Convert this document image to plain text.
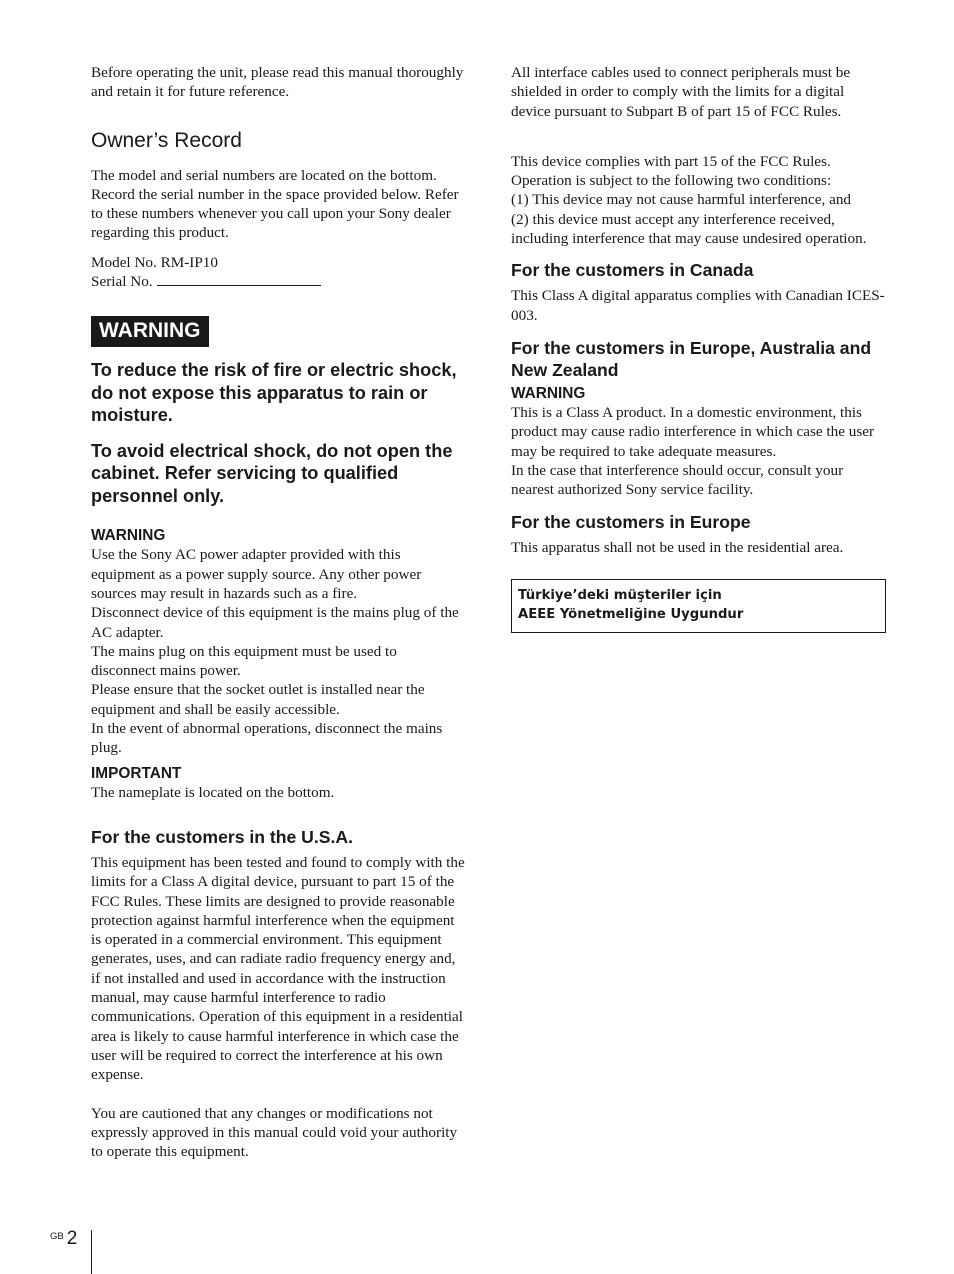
Before operating the unit, please read this manual thoroughly and retain it for future reference.

Owner’s Record

The model and serial numbers are located on the bottom. Record the serial number in the space provided below. Refer to these numbers whenever you call upon your Sony dealer regarding this product.

Model No. RM-IP10

Serial No.

WARNING

To reduce the risk of fire or electric shock, do not expose this apparatus to rain or moisture.

To avoid electrical shock, do not open the cabinet. Refer servicing to qualified personnel only.

WARNING

Use the Sony AC power adapter provided with this equipment as a power supply source. Any other power sources may result in hazards such as a fire.

Disconnect device of this equipment is the mains plug of the AC adapter.

The mains plug on this equipment must be used to disconnect mains power.

Please ensure that the socket outlet is installed near the equipment and shall be easily accessible.

In the event of abnormal operations, disconnect the mains plug.

IMPORTANT

The nameplate is located on the bottom.

For the customers in the U.S.A.

This equipment has been tested and found to comply with the limits for a Class A digital device, pursuant to part 15 of the FCC Rules. These limits are designed to provide reasonable protection against harmful interference when the equipment is operated in a commercial environment. This equipment generates, uses, and can radiate radio frequency energy and, if not installed and used in accordance with the instruction manual, may cause harmful interference to radio communications. Operation of this equipment in a residential area is likely to cause harmful interference in which case the user will be required to correct the interference at his own expense.

You are cautioned that any changes or modifications not expressly approved in this manual could void your authority to operate this equipment.

All interface cables used to connect peripherals must be shielded in order to comply with the limits for a digital device pursuant to Subpart B of part 15 of FCC Rules.

This device complies with part 15 of the FCC Rules. Operation is subject to the following two conditions:

(1) This device may not cause harmful interference, and

(2) this device must accept any interference received, including interference that may cause undesired operation.

For the customers in Canada

This Class A digital apparatus complies with Canadian ICES-003.

For the customers in Europe, Australia and New Zealand

WARNING

This is a Class A product. In a domestic environment, this product may cause radio interference in which case the user may be required to take adequate measures.

In the case that interference should occur, consult your nearest authorized Sony service facility.

For the customers in Europe

This apparatus shall not be used in the residential area.

Türkiye’deki müşteriler için
AEEE Yönetmeliğine Uygundur
$^{GB}$ 2
